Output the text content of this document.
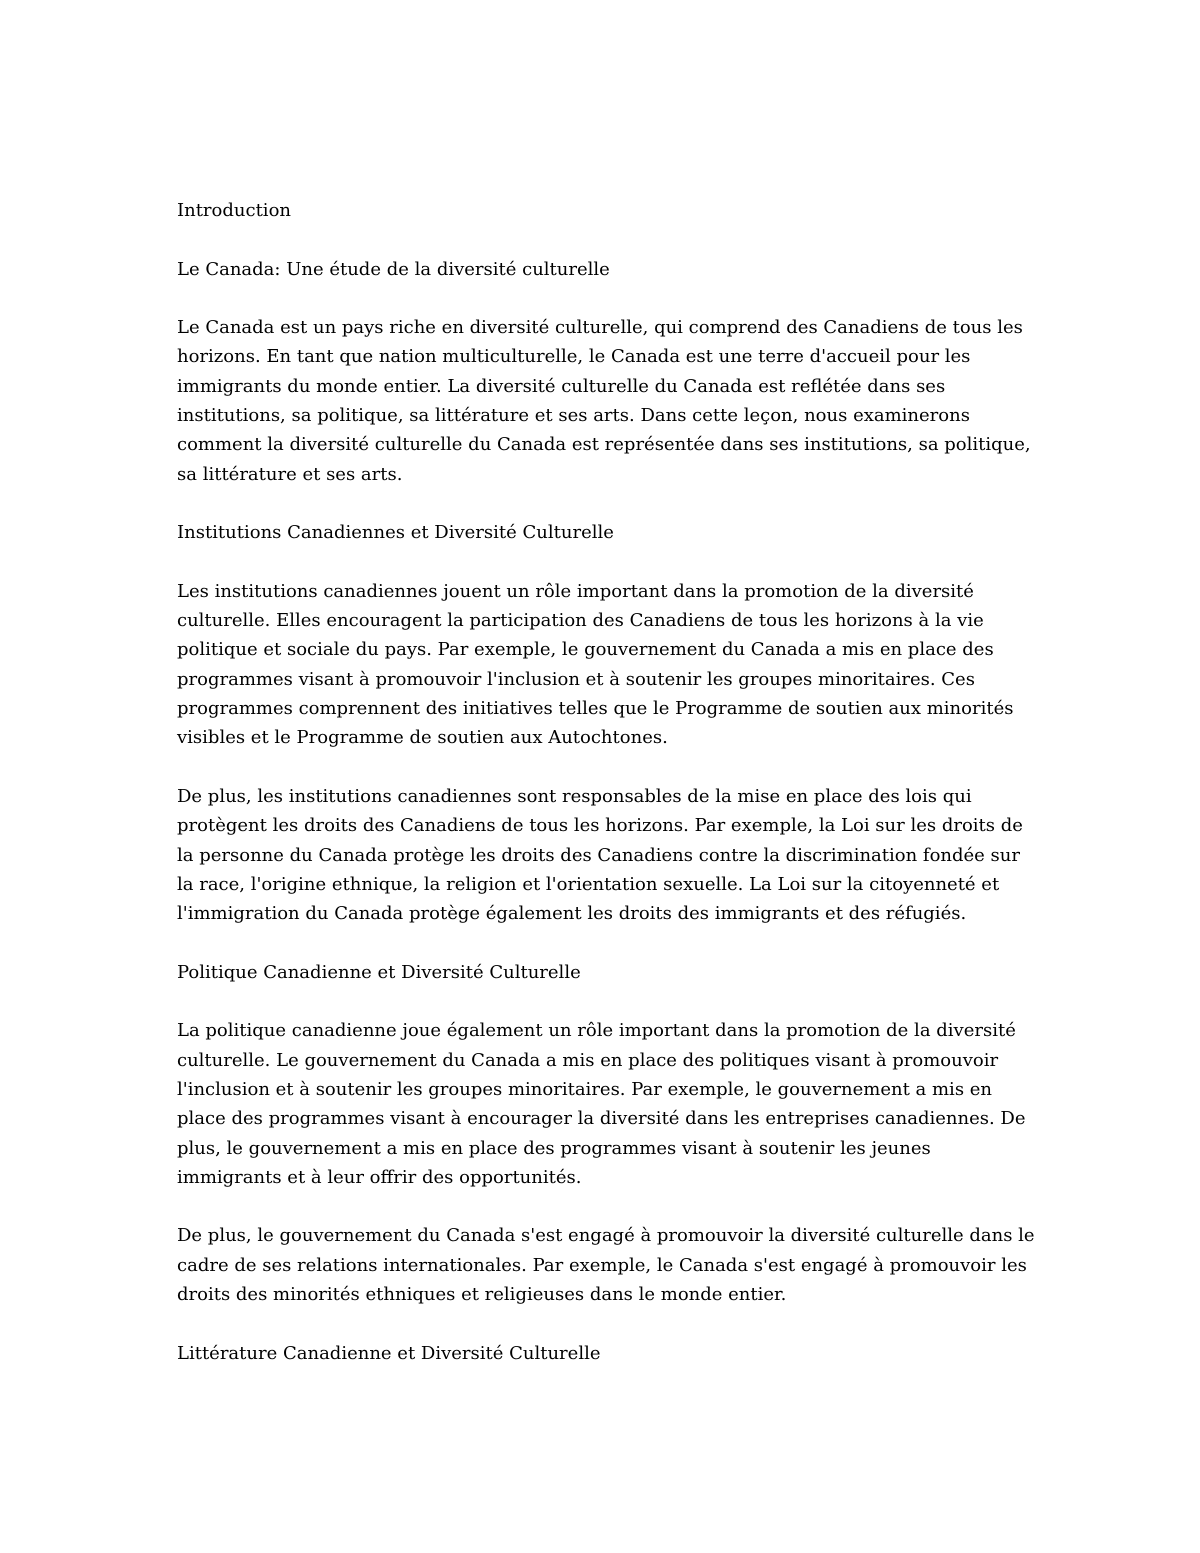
Introduction

Le Canada: Une étude de la diversité culturelle

Le Canada est un pays riche en diversité culturelle, qui comprend des Canadiens de tous les horizons. En tant que nation multiculturelle, le Canada est une terre d'accueil pour les immigrants du monde entier. La diversité culturelle du Canada est reflétée dans ses institutions, sa politique, sa littérature et ses arts. Dans cette leçon, nous examinerons comment la diversité culturelle du Canada est représentée dans ses institutions, sa politique, sa littérature et ses arts.

Institutions Canadiennes et Diversité Culturelle

Les institutions canadiennes jouent un rôle important dans la promotion de la diversité culturelle. Elles encouragent la participation des Canadiens de tous les horizons à la vie politique et sociale du pays. Par exemple, le gouvernement du Canada a mis en place des programmes visant à promouvoir l'inclusion et à soutenir les groupes minoritaires. Ces programmes comprennent des initiatives telles que le Programme de soutien aux minorités visibles et le Programme de soutien aux Autochtones.

De plus, les institutions canadiennes sont responsables de la mise en place des lois qui protègent les droits des Canadiens de tous les horizons. Par exemple, la Loi sur les droits de la personne du Canada protège les droits des Canadiens contre la discrimination fondée sur la race, l'origine ethnique, la religion et l'orientation sexuelle. La Loi sur la citoyenneté et l'immigration du Canada protège également les droits des immigrants et des réfugiés.

Politique Canadienne et Diversité Culturelle

La politique canadienne joue également un rôle important dans la promotion de la diversité culturelle. Le gouvernement du Canada a mis en place des politiques visant à promouvoir l'inclusion et à soutenir les groupes minoritaires. Par exemple, le gouvernement a mis en place des programmes visant à encourager la diversité dans les entreprises canadiennes. De plus, le gouvernement a mis en place des programmes visant à soutenir les jeunes immigrants et à leur offrir des opportunités.

De plus, le gouvernement du Canada s'est engagé à promouvoir la diversité culturelle dans le cadre de ses relations internationales. Par exemple, le Canada s'est engagé à promouvoir les droits des minorités ethniques et religieuses dans le monde entier.

Littérature Canadienne et Diversité Culturelle
